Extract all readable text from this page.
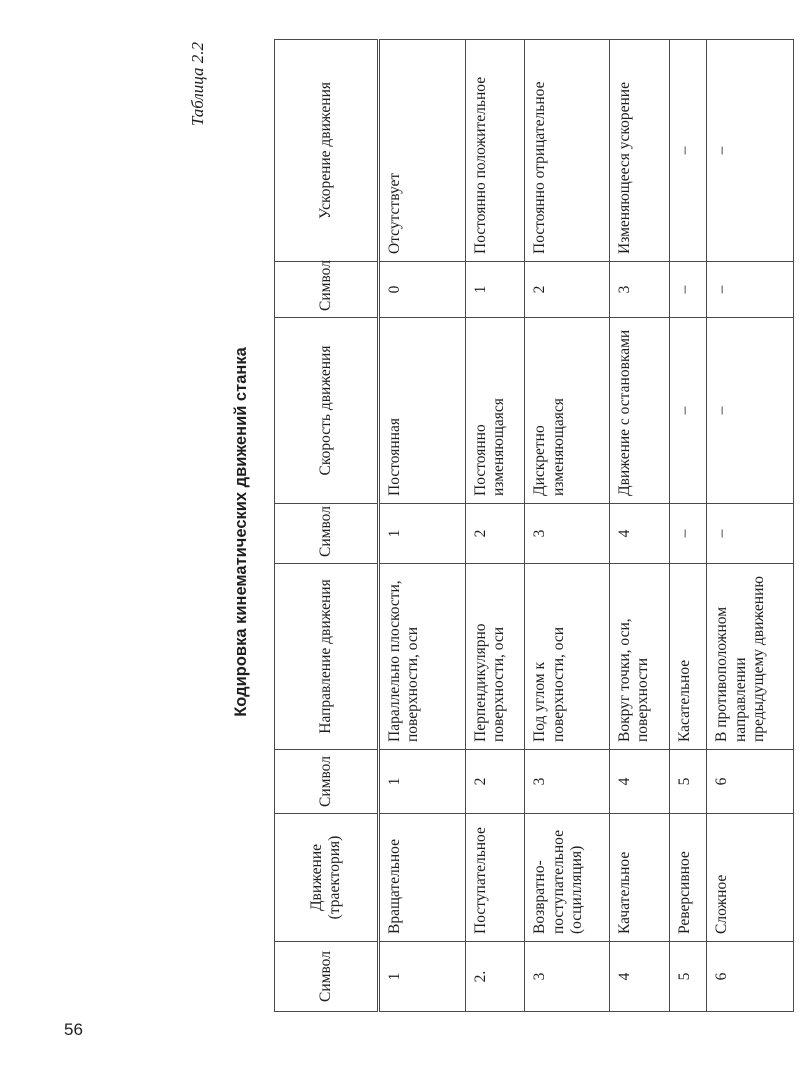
56
Таблица 2.2
Кодировка кинематических движений станка
Символ	Движение (траектория)	Символ	Направление движения	Символ	Скорость движения	Символ	Ускорение движения
1	Вращательное	1	Параллельно плоскости, поверхности, оси	1	Постоянная	0	Отсутствует
2.	Поступательное	2	Перпендикулярно поверхности, оси	2	Постоянно изменяющаяся	1	Постоянно положительное
3	Возвратно-поступательное (осцилляция)	3	Под углом к поверхности, оси	3	Дискретно изменяющаяся	2	Постоянно отрицательное
4	Качательное	4	Вокруг точки, оси, поверхности	4	Движение с остановками	3	Изменяющееся ускорение
5	Реверсивное	5	Касательное	–	–	–	–
6	Сложное	6	В противоположном направлении предыдущему движению	–	–	–	–
